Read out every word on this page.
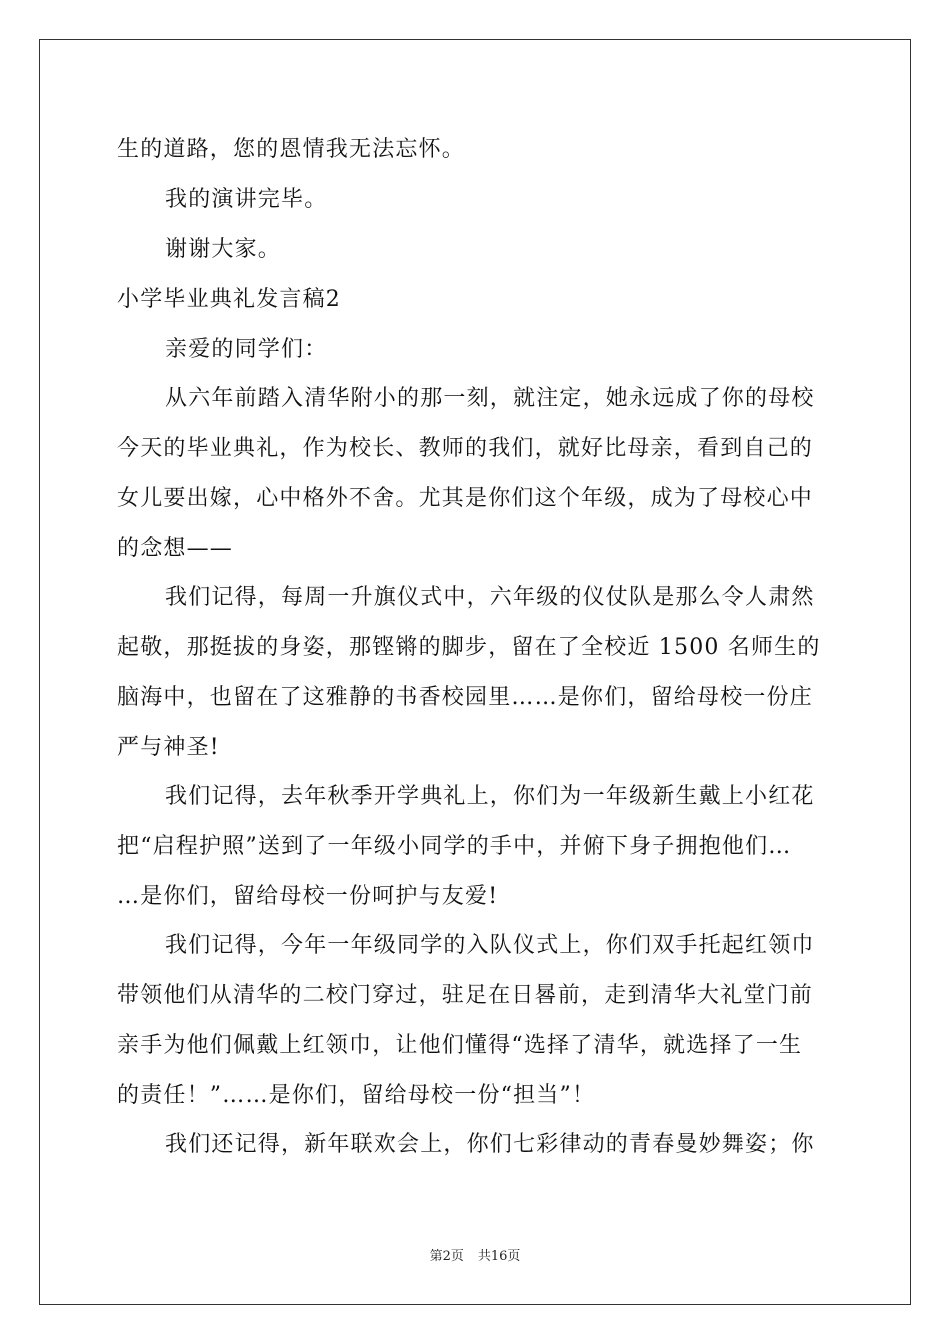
生的道路，您的恩情我无法忘怀。
我的演讲完毕。
谢谢大家。
小学毕业典礼发言稿2
亲爱的同学们：
从六年前踏入清华附小的那一刻，就注定，她永远成了你的母校
今天的毕业典礼，作为校长、教师的我们，就好比母亲，看到自己的
女儿要出嫁，心中格外不舍。尤其是你们这个年级，成为了母校心中
的念想——
我们记得，每周一升旗仪式中，六年级的仪仗队是那么令人肃然
起敬，那挺拔的身姿，那铿锵的脚步，留在了全校近 1500 名师生的
脑海中，也留在了这雅静的书香校园里……是你们，留给母校一份庄
严与神圣!
我们记得，去年秋季开学典礼上，你们为一年级新生戴上小红花
把“启程护照”送到了一年级小同学的手中，并俯下身子拥抱他们…
…是你们，留给母校一份呵护与友爱!
我们记得，今年一年级同学的入队仪式上，你们双手托起红领巾
带领他们从清华的二校门穿过，驻足在日晷前，走到清华大礼堂门前
亲手为他们佩戴上红领巾，让他们懂得“选择了清华，就选择了一生
的责任！”……是你们，留给母校一份“担当”！
我们还记得，新年联欢会上，你们七彩律动的青春曼妙舞姿；你
第2页 共16页
